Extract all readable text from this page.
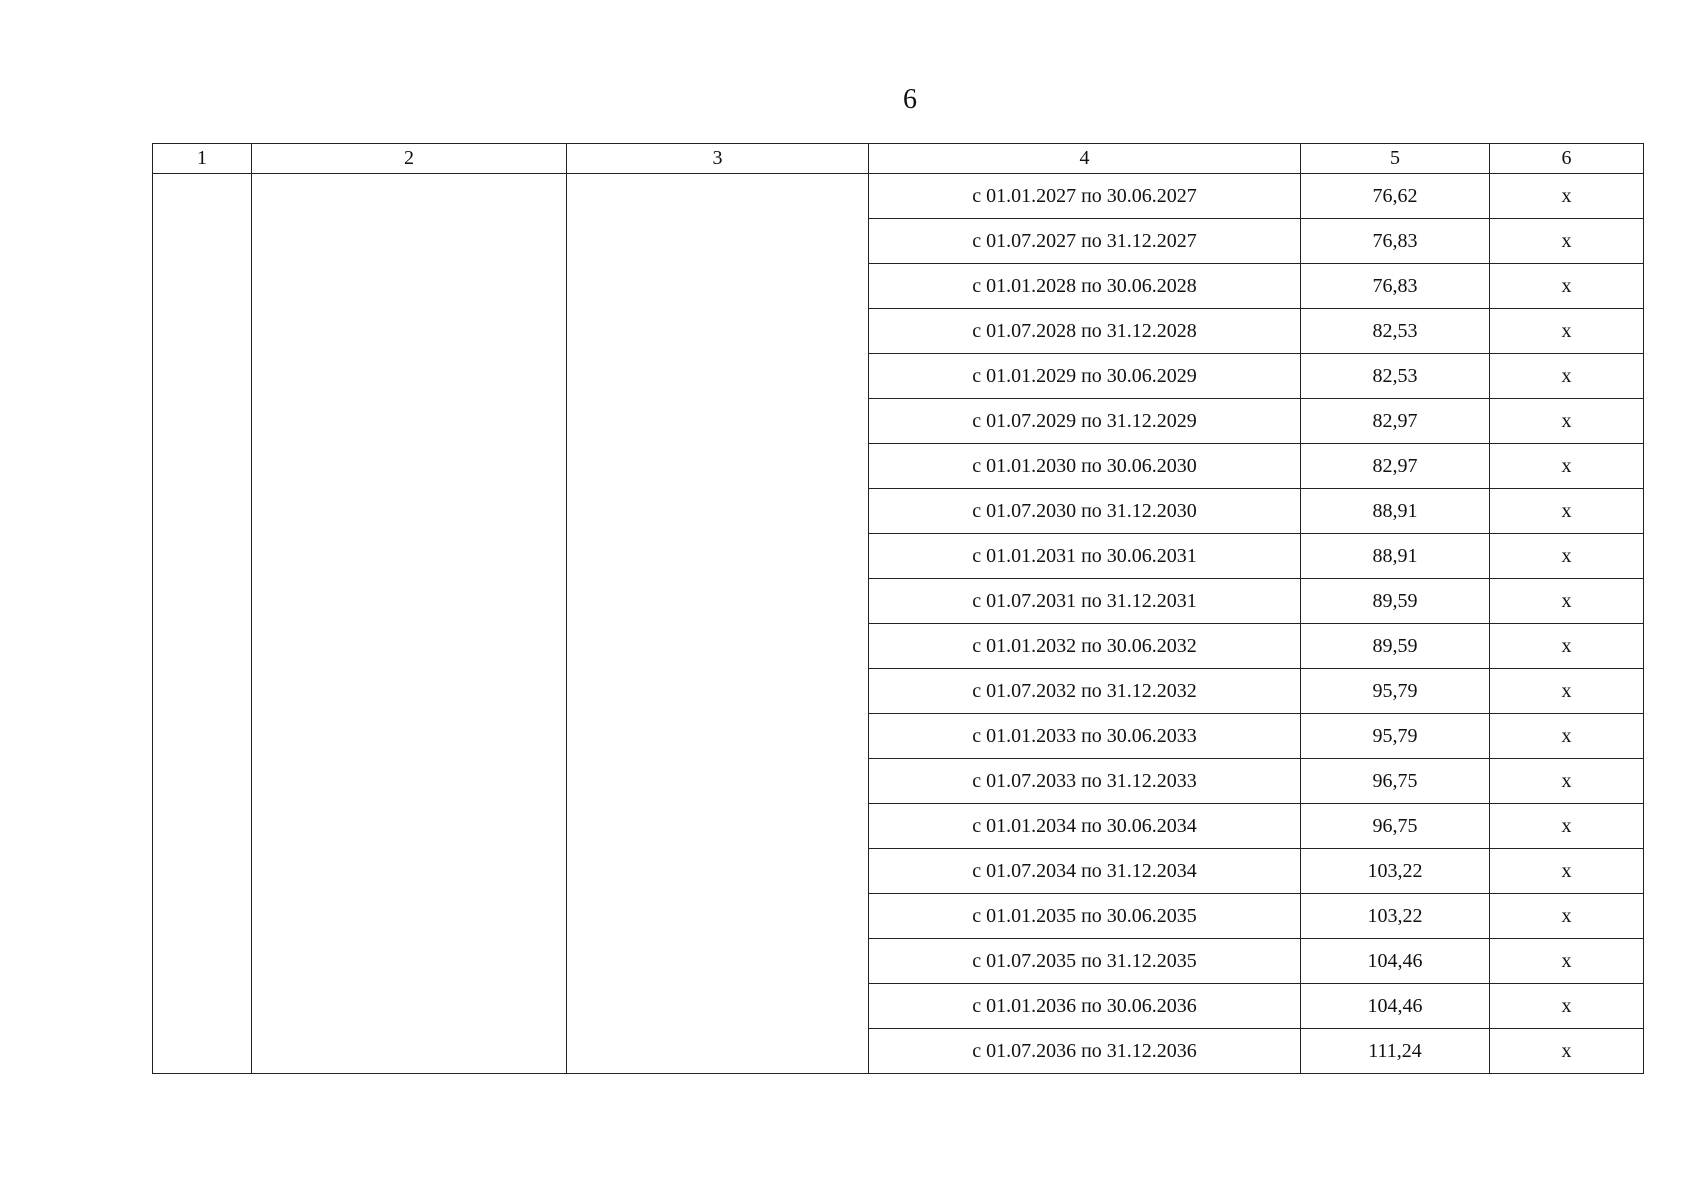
6
1	2	3	4	5	6
			с 01.01.2027 по 30.06.2027	76,62	x
			с 01.07.2027 по 31.12.2027	76,83	x
			с 01.01.2028 по 30.06.2028	76,83	x
			с 01.07.2028 по 31.12.2028	82,53	x
			с 01.01.2029 по 30.06.2029	82,53	x
			с 01.07.2029 по 31.12.2029	82,97	x
			с 01.01.2030 по 30.06.2030	82,97	x
			с 01.07.2030 по 31.12.2030	88,91	x
			с 01.01.2031 по 30.06.2031	88,91	x
			с 01.07.2031 по 31.12.2031	89,59	x
			с 01.01.2032 по 30.06.2032	89,59	x
			с 01.07.2032 по 31.12.2032	95,79	x
			с 01.01.2033 по 30.06.2033	95,79	x
			с 01.07.2033 по 31.12.2033	96,75	x
			с 01.01.2034 по 30.06.2034	96,75	x
			с 01.07.2034 по 31.12.2034	103,22	x
			с 01.01.2035 по 30.06.2035	103,22	x
			с 01.07.2035 по 31.12.2035	104,46	x
			с 01.01.2036 по 30.06.2036	104,46	x
			с 01.07.2036 по 31.12.2036	111,24	x
